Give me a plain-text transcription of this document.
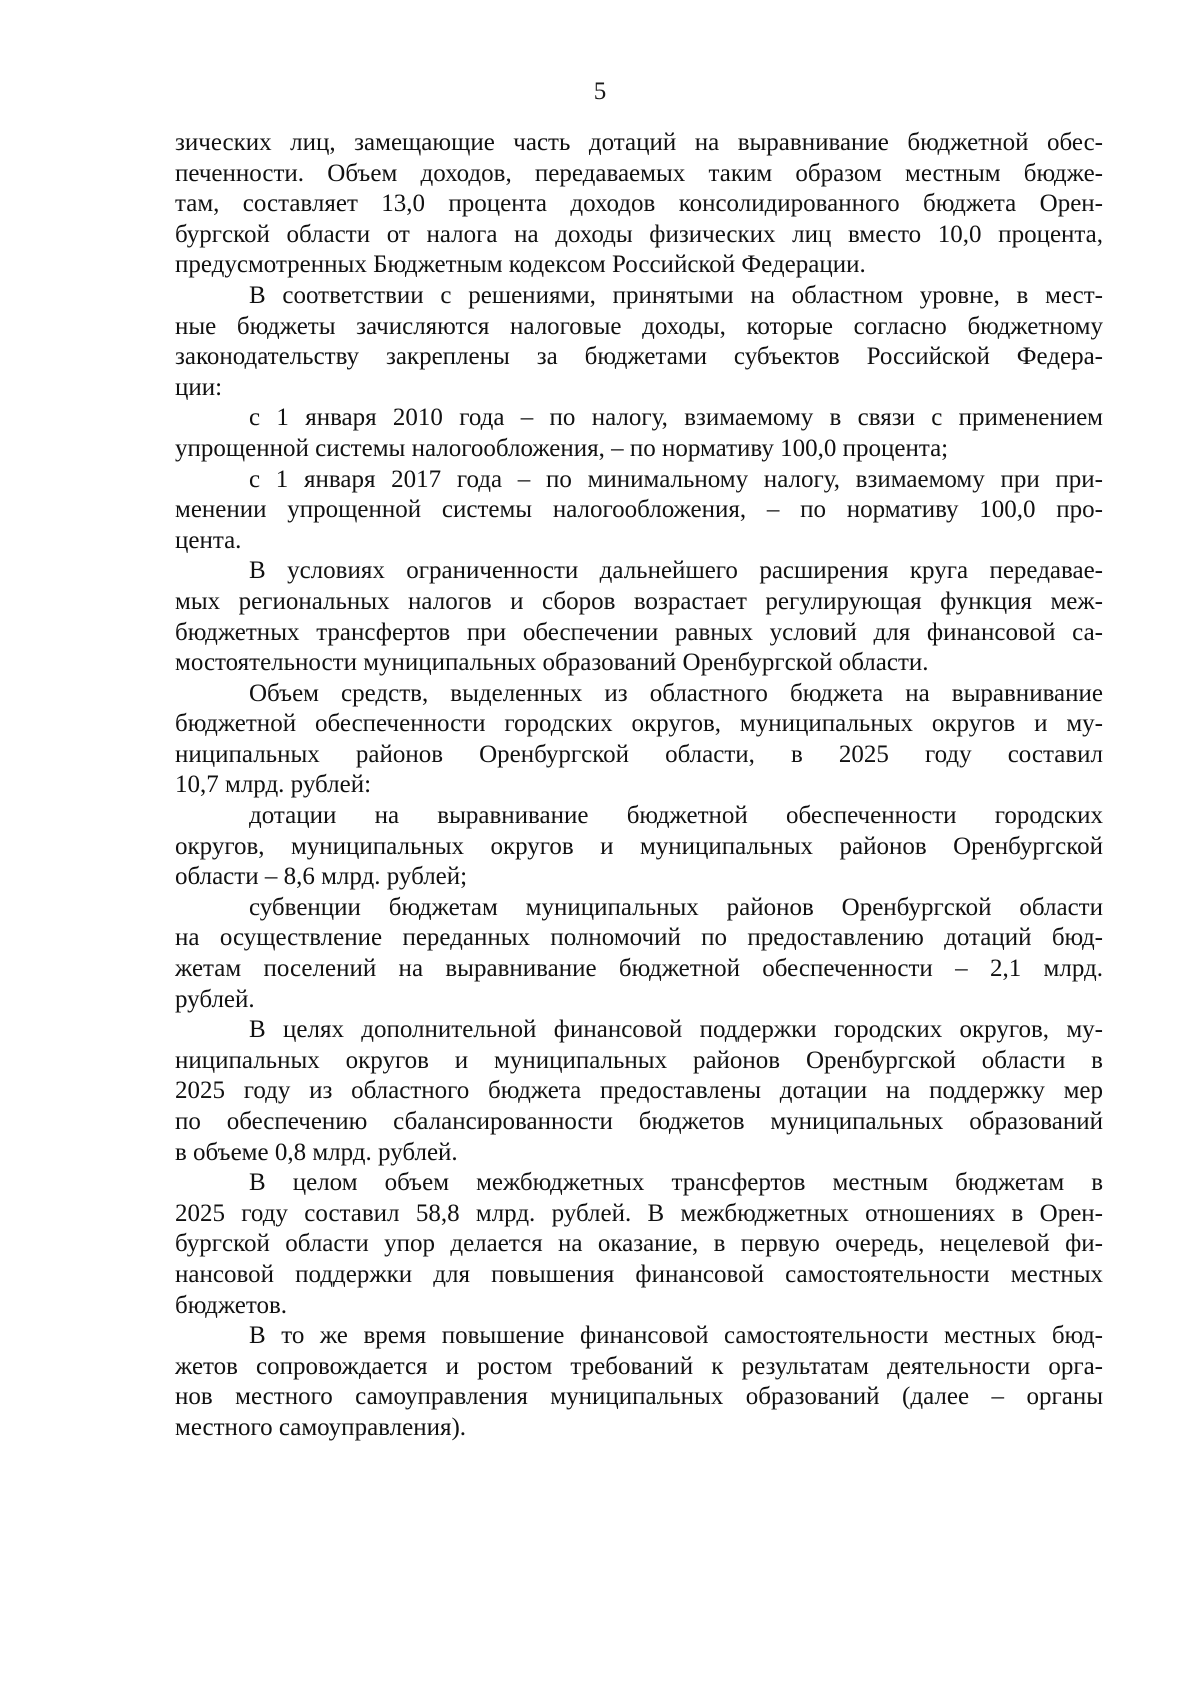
5

зических лиц, замещающие часть дотаций на выравнивание бюджетной обес-
печенности. Объем доходов, передаваемых таким образом местным бюдже-
там, составляет 13,0 процента доходов консолидированного бюджета Орен-
бургской области от налога на доходы физических лиц вместо 10,0 процента,
предусмотренных Бюджетным кодексом Российской Федерации.

В соответствии с решениями, принятыми на областном уровне, в мест-
ные бюджеты зачисляются налоговые доходы, которые согласно бюджетному
законодательству закреплены за бюджетами субъектов Российской Федера-
ции:

с 1 января 2010 года – по налогу, взимаемому в связи с применением
упрощенной системы налогообложения, – по нормативу 100,0 процента;

с 1 января 2017 года – по минимальному налогу, взимаемому при при-
менении упрощенной системы налогообложения, – по нормативу 100,0 про-
цента.

В условиях ограниченности дальнейшего расширения круга передавае-
мых региональных налогов и сборов возрастает регулирующая функция меж-
бюджетных трансфертов при обеспечении равных условий для финансовой са-
мостоятельности муниципальных образований Оренбургской области.

Объем средств, выделенных из областного бюджета на выравнивание
бюджетной обеспеченности городских округов, муниципальных округов и му-
ниципальных районов Оренбургской области, в 2025 году составил
10,7 млрд. рублей:

дотации на выравнивание бюджетной обеспеченности городских
округов, муниципальных округов и муниципальных районов Оренбургской
области – 8,6 млрд. рублей;

субвенции бюджетам муниципальных районов Оренбургской области
на осуществление переданных полномочий по предоставлению дотаций бюд-
жетам поселений на выравнивание бюджетной обеспеченности – 2,1 млрд.
рублей.

В целях дополнительной финансовой поддержки городских округов, му-
ниципальных округов и муниципальных районов Оренбургской области в
2025 году из областного бюджета предоставлены дотации на поддержку мер
по обеспечению сбалансированности бюджетов муниципальных образований
в объеме 0,8 млрд. рублей.

В целом объем межбюджетных трансфертов местным бюджетам в
2025 году составил 58,8 млрд. рублей. В межбюджетных отношениях в Орен-
бургской области упор делается на оказание, в первую очередь, нецелевой фи-
нансовой поддержки для повышения финансовой самостоятельности местных
бюджетов.

В то же время повышение финансовой самостоятельности местных бюд-
жетов сопровождается и ростом требований к результатам деятельности орга-
нов местного самоуправления муниципальных образований (далее – органы
местного самоуправления).
